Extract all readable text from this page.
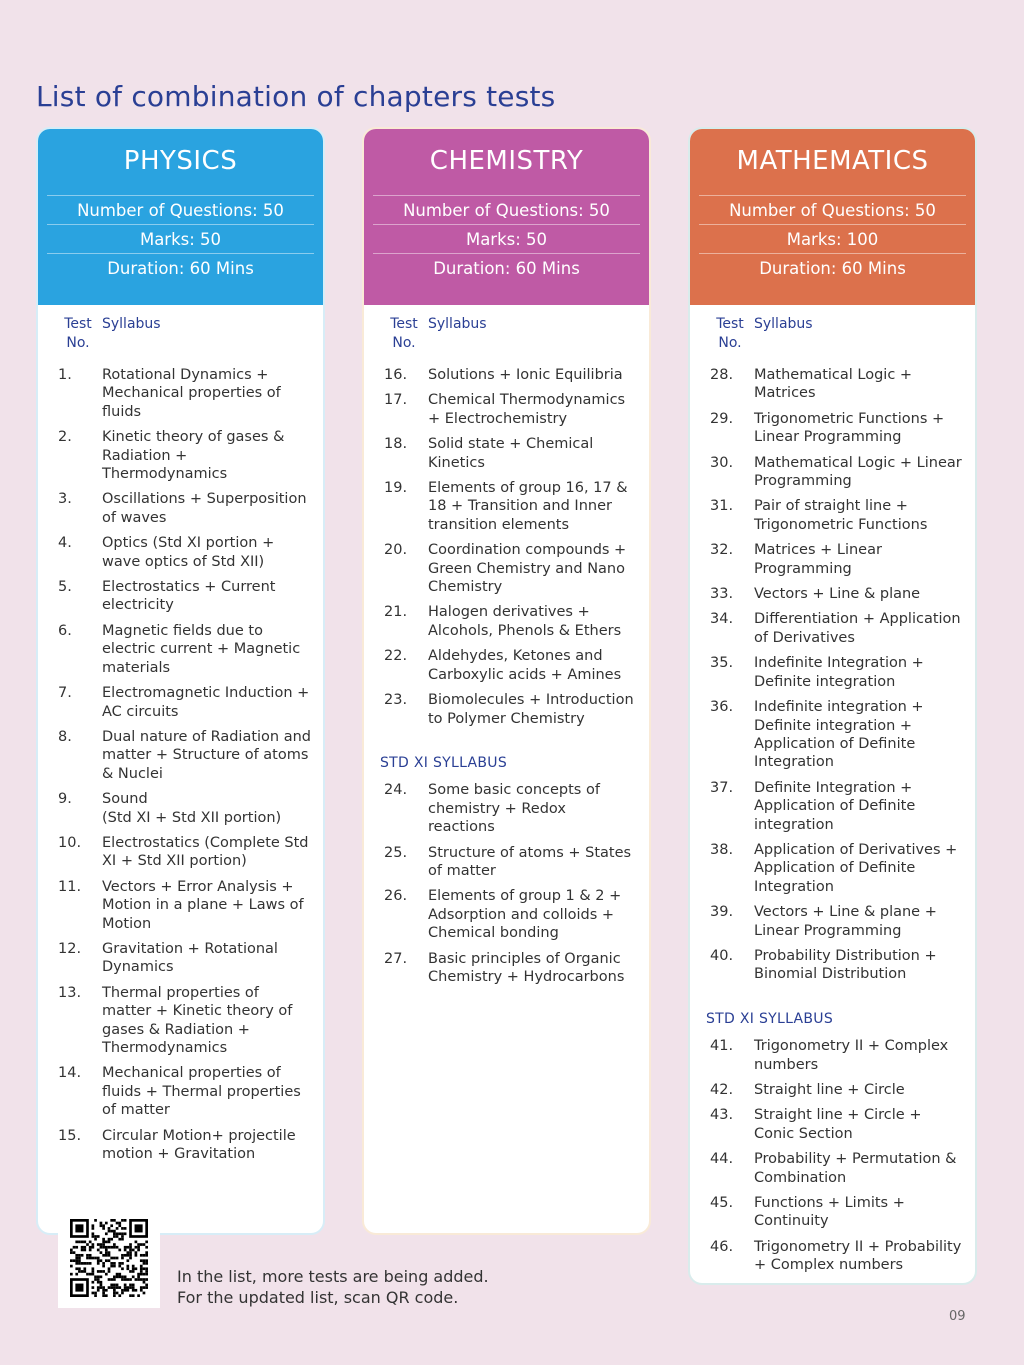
List of combination of chapters tests
PHYSICS
Number of Questions: 50
Marks: 50
Duration: 60 Mins
Test
No.
Syllabus
1.	Rotational Dynamics + Mechanical properties of fluids
2.	Kinetic theory of gases & Radiation + Thermodynamics
3.	Oscillations + Superposition of waves
4.	Optics (Std XI portion + wave optics of Std XII)
5.	Electrostatics + Current electricity
6.	Magnetic fields due to electric current + Magnetic materials
7.	Electromagnetic Induction + AC circuits
8.	Dual nature of Radiation and matter + Structure of atoms & Nuclei
9.	Sound
(Std XI + Std XII portion)
10.	Electrostatics (Complete Std XI + Std XII portion)
11.	Vectors + Error Analysis + Motion in a plane + Laws of Motion
12.	Gravitation + Rotational Dynamics
13.	Thermal properties of matter + Kinetic theory of gases & Radiation + Thermodynamics
14.	Mechanical properties of fluids + Thermal properties of matter
15.	Circular Motion+ projectile motion + Gravitation
CHEMISTRY
Number of Questions: 50
Marks: 50
Duration: 60 Mins
Test
No.
Syllabus
16.	Solutions + Ionic Equilibria
17.	Chemical Thermodynamics + Electrochemistry
18.	Solid state + Chemical Kinetics
19.	Elements of group 16, 17 & 18 + Transition and Inner transition elements
20.	Coordination compounds + Green Chemistry and Nano Chemistry
21.	Halogen derivatives + Alcohols, Phenols & Ethers
22.	Aldehydes, Ketones and Carboxylic acids + Amines
23.	Biomolecules + Introduction to Polymer Chemistry
STD XI SYLLABUS
24.	Some basic concepts of chemistry + Redox reactions
25.	Structure of atoms + States of matter
26.	Elements of group 1 & 2 + Adsorption and colloids + Chemical bonding
27.	Basic principles of Organic Chemistry + Hydrocarbons
MATHEMATICS
Number of Questions: 50
Marks: 100
Duration: 60 Mins
Test
No.
Syllabus
28.	Mathematical Logic + Matrices
29.	Trigonometric Functions + Linear Programming
30.	Mathematical Logic + Linear Programming
31.	Pair of straight line + Trigonometric Functions
32.	Matrices + Linear Programming
33.	Vectors + Line & plane
34.	Differentiation + Application of Derivatives
35.	Indefinite Integration + Definite integration
36.	Indefinite integration + Definite integration + Application of Definite Integration
37.	Definite Integration + Application of Definite integration
38.	Application of Derivatives + Application of Definite Integration
39.	Vectors + Line & plane + Linear Programming
40.	Probability Distribution + Binomial Distribution
STD XI SYLLABUS
41.	Trigonometry II + Complex numbers
42.	Straight line + Circle
43.	Straight line + Circle + Conic Section
44.	Probability + Permutation & Combination
45.	Functions + Limits + Continuity
46.	Trigonometry II + Probability + Complex numbers
In the list, more tests are being added.
For the updated list, scan QR code.
09
